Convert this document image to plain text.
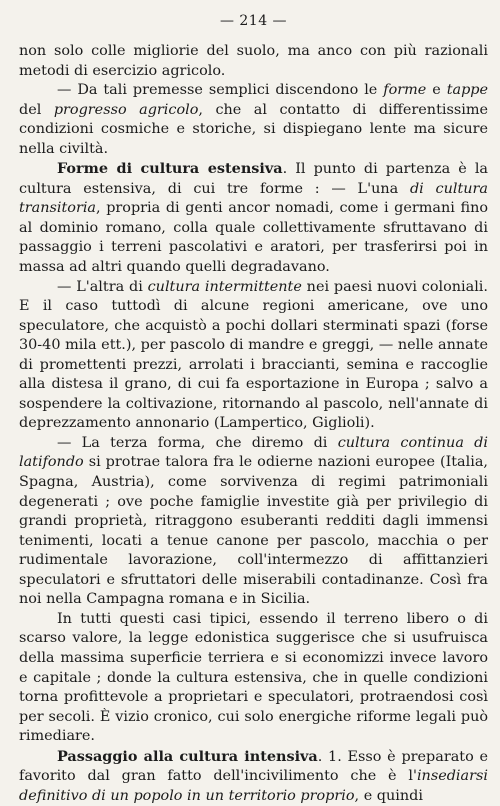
— 214 —

non solo colle migliorie del suolo, ma anco con più razionali metodi di esercizio agricolo.

— Da tali premesse semplici discendono le forme e tappe del progresso agricolo, che al contatto di differentissime condizioni cosmiche e storiche, si dispiegano lente ma sicure nella civiltà.

Forme di cultura estensiva. Il punto di partenza è la cultura estensiva, di cui tre forme : — L'una di cultura transitoria, propria di genti ancor nomadi, come i germani fino al dominio romano, colla quale collettivamente sfruttavano di passaggio i terreni pascolativi e aratori, per trasferirsi poi in massa ad altri quando quelli degradavano.

— L'altra di cultura intermittente nei paesi nuovi coloniali. E il caso tuttodì di alcune regioni americane, ove uno speculatore, che acquistò a pochi dollari sterminati spazi (forse 30-40 mila ett.), per pascolo di mandre e greggi, — nelle annate di promettenti prezzi, arrolati i braccianti, semina e raccoglie alla distesa il grano, di cui fa esportazione in Europa ; salvo a sospendere la coltivazione, ritornando al pascolo, nell'annate di deprezzamento annonario (Lampertico, Giglioli).

— La terza forma, che diremo di cultura continua di latifondo si protrae talora fra le odierne nazioni europee (Italia, Spagna, Austria), come sorvivenza di regimi patrimoniali degenerati ; ove poche famiglie investite già per privilegio di grandi proprietà, ritraggono esuberanti redditi dagli immensi tenimenti, locati a tenue canone per pascolo, macchia o per rudimentale lavorazione, coll'intermezzo di affittanzieri speculatori e sfruttatori delle miserabili contadinanze. Così fra noi nella Campagna romana e in Sicilia.

In tutti questi casi tipici, essendo il terreno libero o di scarso valore, la legge edonistica suggerisce che si usufruisca della massima superficie terriera e si economizzi invece lavoro e capitale ; donde la cultura estensiva, che in quelle condizioni torna profittevole a proprietari e speculatori, protraendosi così per secoli. È vizio cronico, cui solo energiche riforme legali può rimediare.

Passaggio alla cultura intensiva. 1. Esso è preparato e favorito dal gran fatto dell'incivilimento che è l'insediarsi definitivo di un popolo in un territorio proprio, e quindi
